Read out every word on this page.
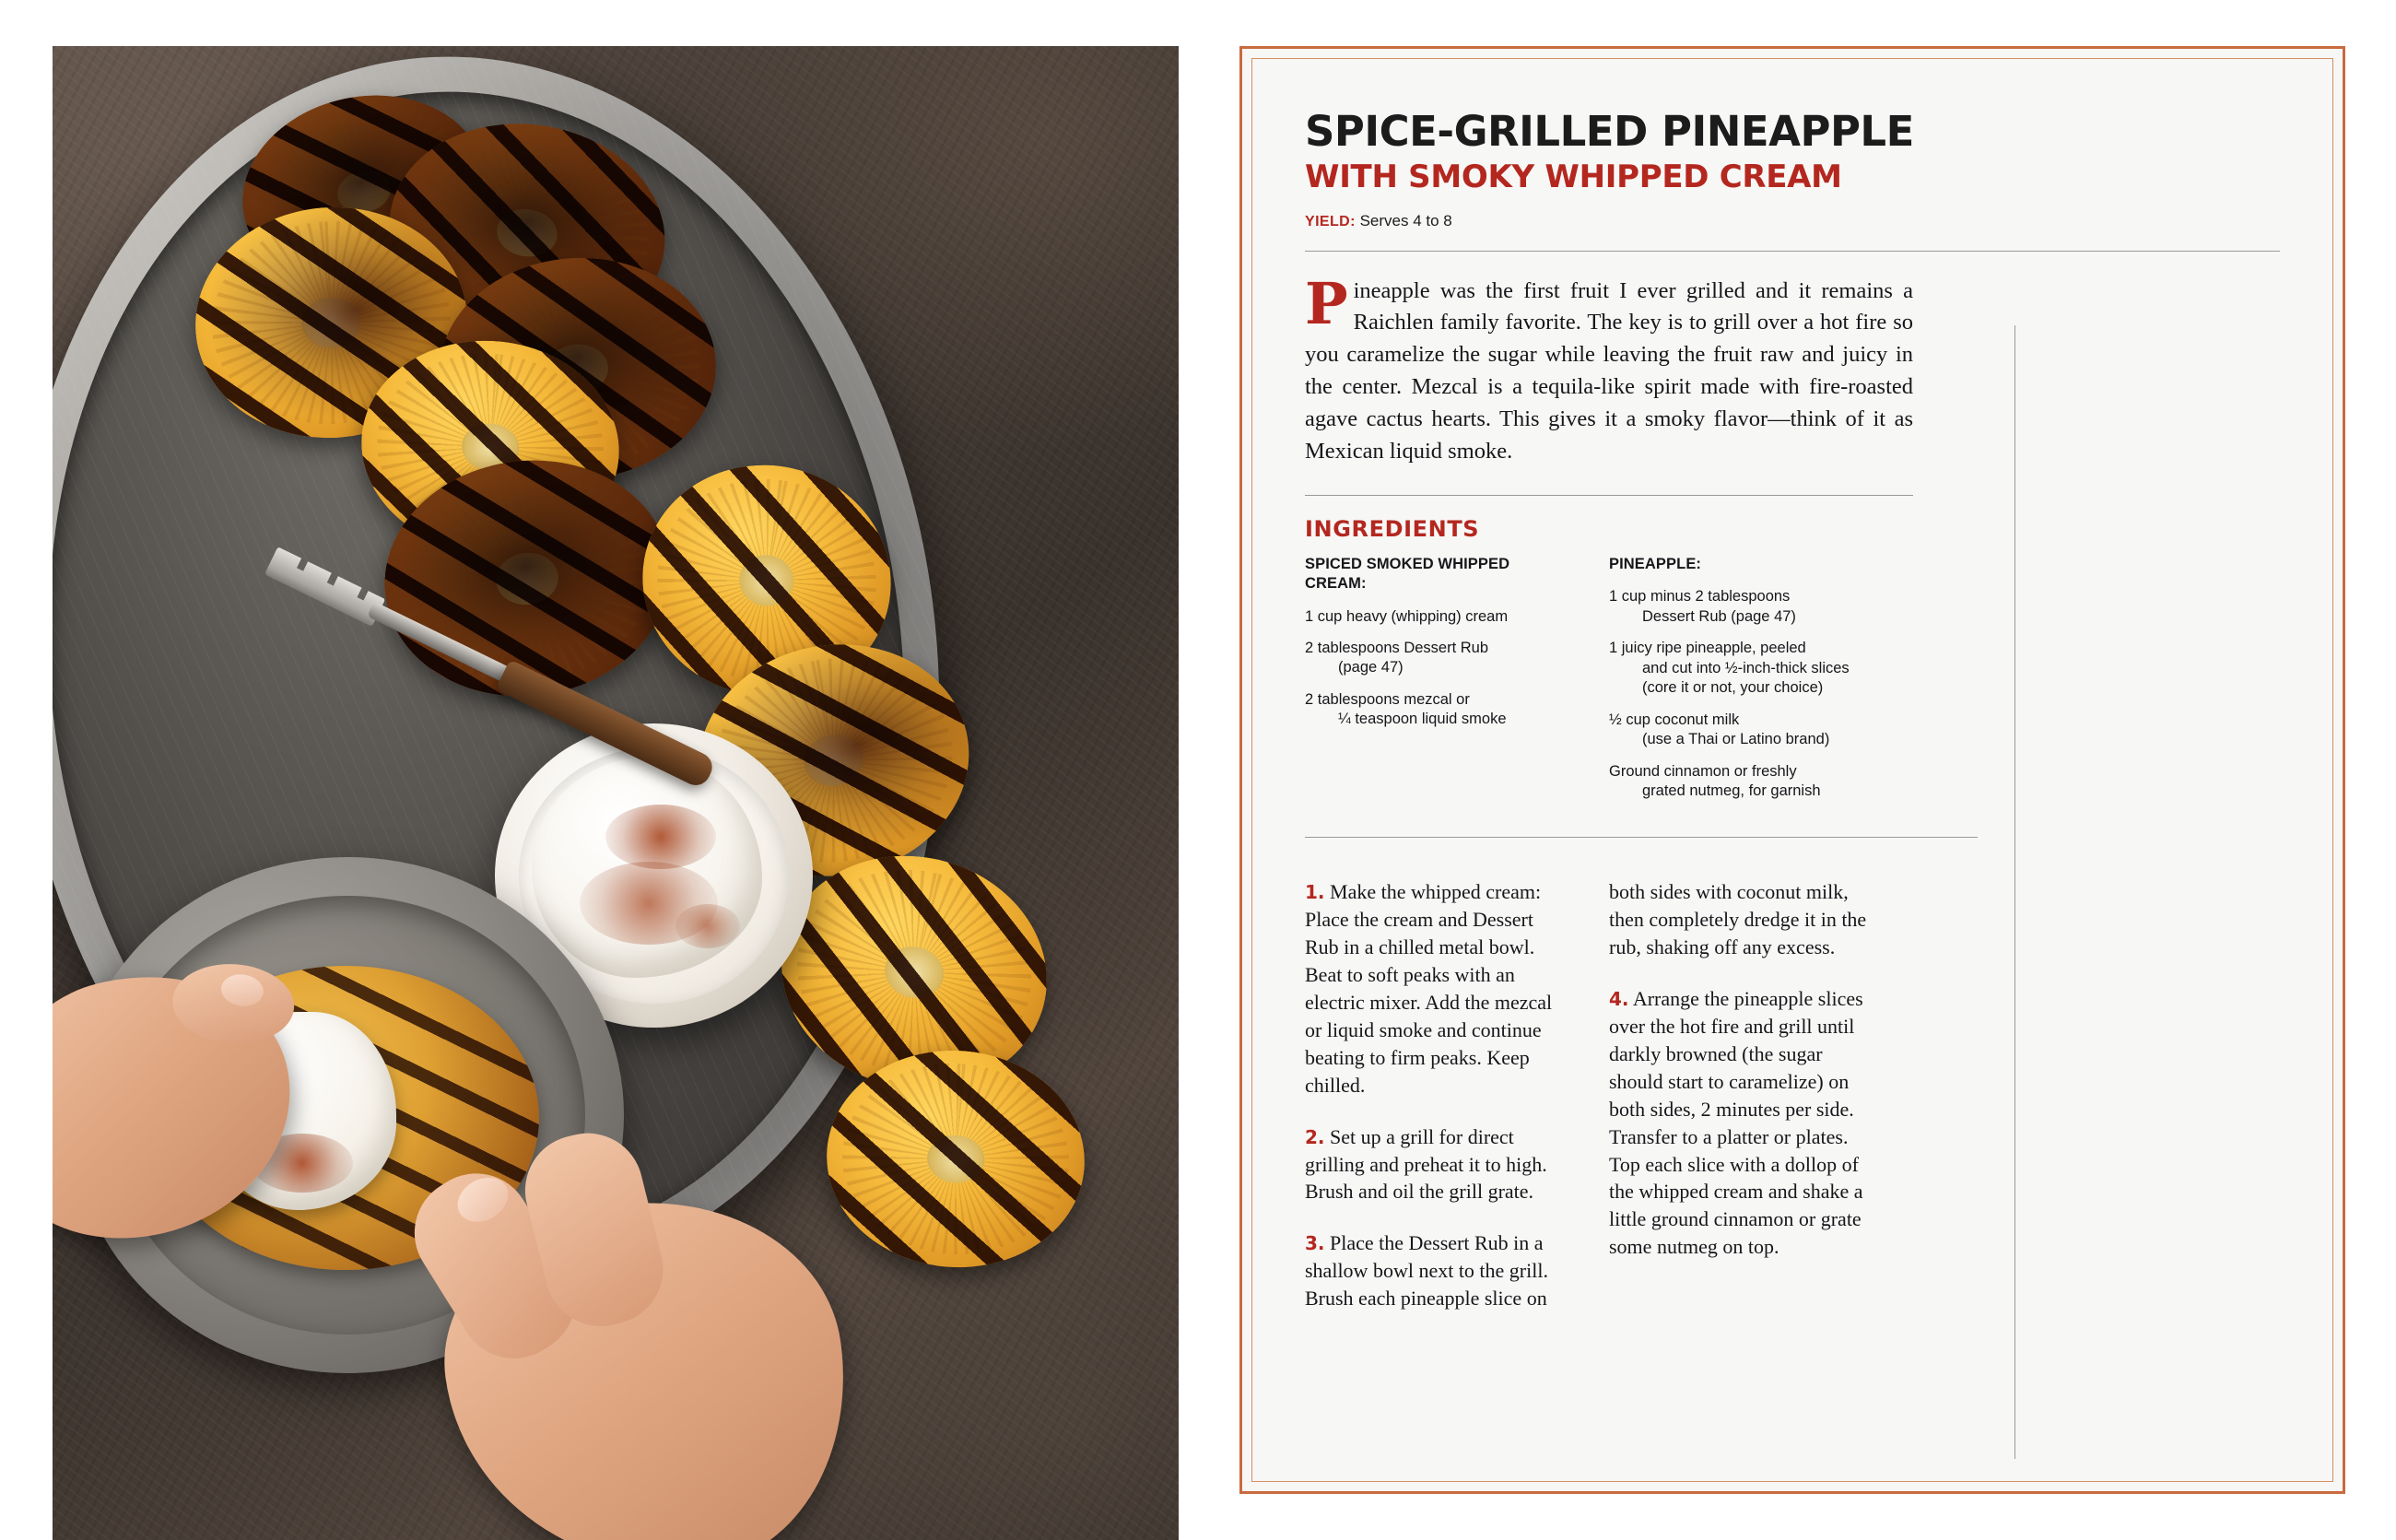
SPICE-GRILLED PINEAPPLE
WITH SMOKY WHIPPED CREAM
YIELD: Serves 4 to 8
Pineapple was the first fruit I ever grilled and it remains a Raichlen family favorite. The key is to grill over a hot fire so you caramelize the sugar while leaving the fruit raw and juicy in the center. Mezcal is a tequila-like spirit made with fire-roasted agave cactus hearts. This gives it a smoky flavor—think of it as Mexican liquid smoke.
INGREDIENTS
SPICED SMOKED WHIPPED CREAM:
1 cup heavy (whipping) cream
2 tablespoons Dessert Rub
(page 47)
2 tablespoons mezcal or
¼ teaspoon liquid smoke
PINEAPPLE:
1 cup minus 2 tablespoons
Dessert Rub (page 47)
1 juicy ripe pineapple, peeled
and cut into ½-inch-thick slices (core it or not, your choice)
½ cup coconut milk
(use a Thai or Latino brand)
Ground cinnamon or freshly
grated nutmeg, for garnish

1. Make the whipped cream: Place the cream and Dessert Rub in a chilled metal bowl. Beat to soft peaks with an electric mixer. Add the mezcal or liquid smoke and continue beating to firm peaks. Keep chilled.

2. Set up a grill for direct grilling and preheat it to high. Brush and oil the grill grate.

3. Place the Dessert Rub in a shallow bowl next to the grill. Brush each pineapple slice on

both sides with coconut milk, then completely dredge it in the rub, shaking off any excess.

4. Arrange the pineapple slices over the hot fire and grill until darkly browned (the sugar should start to caramelize) on both sides, 2 minutes per side. Transfer to a platter or plates. Top each slice with a dollop of the whipped cream and shake a little ground cinnamon or grate some nutmeg on top.
